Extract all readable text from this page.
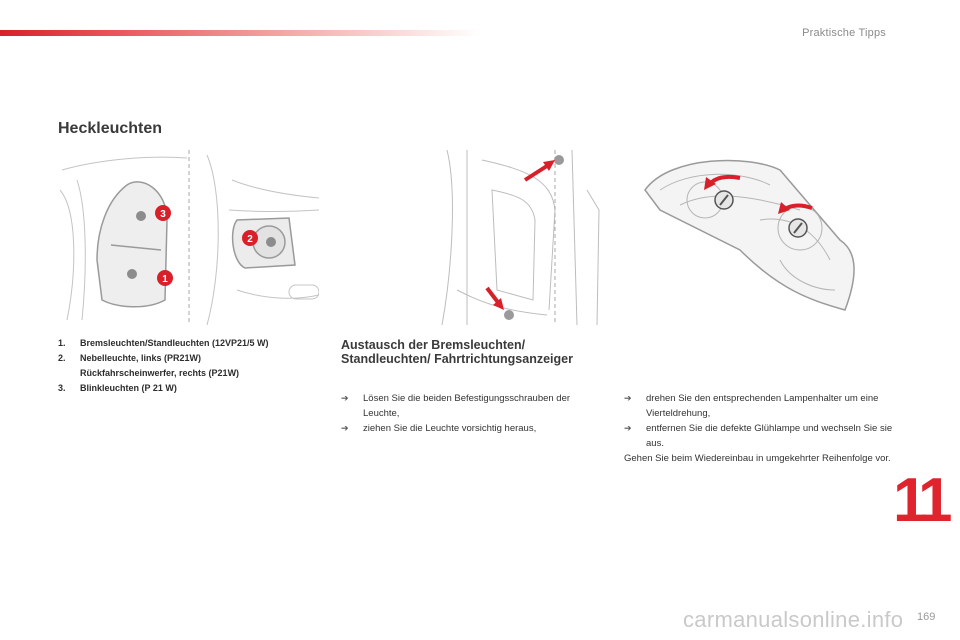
Praktische Tipps
Heckleuchten
3
2
1
1.	Bremsleuchten/Standleuchten (12VP21/5 W)
2.	Nebelleuchte, links (PR21W)
Rückfahrscheinwerfer, rechts (P21W)
3.	Blinkleuchten (P 21 W)
Austausch der Bremsleuchten/ Standleuchten/ Fahrtrichtungsanzeiger
➔	Lösen Sie die beiden Befestigungsschrauben der Leuchte,
➔	ziehen Sie die Leuchte vorsichtig heraus,
➔	drehen Sie den entsprechenden Lampenhalter um eine Vierteldrehung,
➔	entfernen Sie die defekte Glühlampe und wechseln Sie sie aus.
Gehen Sie beim Wiedereinbau in umgekehrter Reihenfolge vor.
11
carmanualsonline.info 169
